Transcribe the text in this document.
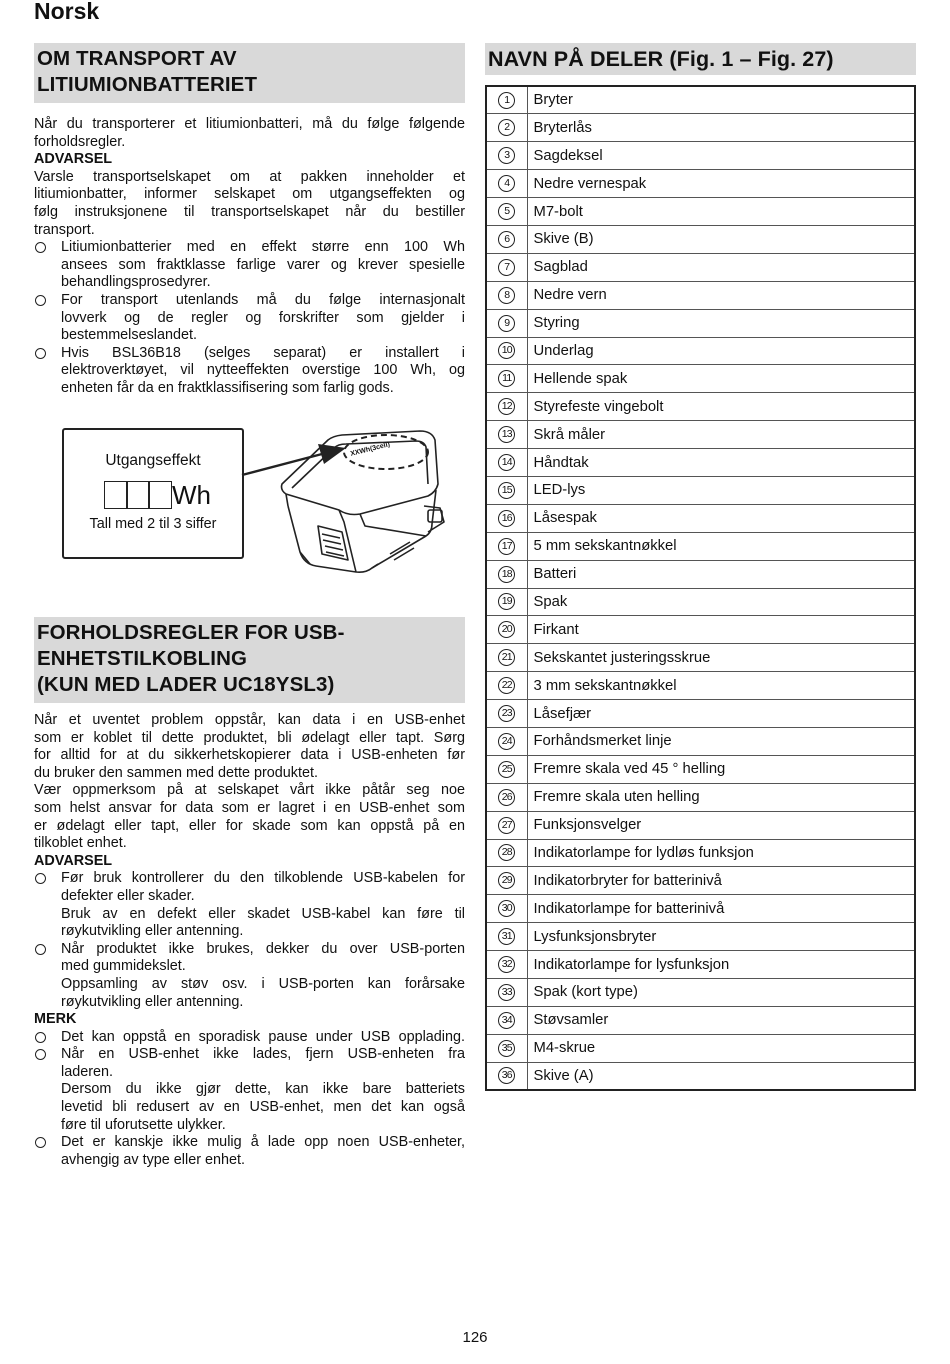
Norsk
OM TRANSPORT AV
LITIUMIONBATTERIET
Når du transporterer et litiumionbatteri, må du følge følgende
forholdsregler.
ADVARSEL
Varsle transportselskapet om at pakken inneholder et
litiumionbatter, informer selskapet om utgangseffekten og
følg instruksjonene til transportselskapet når du bestiller
transport.
Litiumionbatterier med en effekt større enn 100 Wh
ansees som fraktklasse farlige varer og krever spesielle
behandlingsprosedyrer.
For transport utenlands må du følge internasjonalt
lovverk og de regler og forskrifter som gjelder i
bestemmelseslandet.
Hvis BSL36B18 (selges separat) er installert i
elektroverktøyet, vil nytteeffekten overstige 100 Wh, og
enheten får da en fraktklassifisering som farlig gods.
Utgangseffekt
Wh
Tall med 2 til 3 siffer
XXWh(3cell)
FORHOLDSREGLER FOR USB-
ENHETSTILKOBLING
(KUN MED LADER UC18YSL3)
Når et uventet problem oppstår, kan data i en USB-enhet
som er koblet til dette produktet, bli ødelagt eller tapt. Sørg
for alltid for at du sikkerhetskopierer data i USB-enheten før
du bruker den sammen med dette produktet.
Vær oppmerksom på at selskapet vårt ikke påtår seg noe
som helst ansvar for data som er lagret i en USB-enhet som
er ødelagt eller tapt, eller for skade som kan oppstå på en
tilkoblet enhet.
ADVARSEL
Før bruk kontrollerer du den tilkoblende USB-kabelen for
defekter eller skader.
Bruk av en defekt eller skadet USB-kabel kan føre til
røykutvikling eller antenning.
Når produktet ikke brukes, dekker du over USB-porten
med gummidekslet.
Oppsamling av støv osv. i USB-porten kan forårsake
røykutvikling eller antenning.
MERK
Det kan oppstå en sporadisk pause under USB opplading.
Når en USB-enhet ikke lades, fjern USB-enheten fra
laderen.
Dersom du ikke gjør dette, kan ikke bare batteriets
levetid bli redusert av en USB-enhet, men det kan også
føre til uforutsette ulykker.
Det er kanskje ikke mulig å lade opp noen USB-enheter,
avhengig av type eller enhet.
NAVN PÅ DELER (Fig. 1 – Fig. 27)
1	Bryter
2	Bryterlås
3	Sagdeksel
4	Nedre vernespak
5	M7-bolt
6	Skive (B)
7	Sagblad
8	Nedre vern
9	Styring
10	Underlag
11	Hellende spak
12	Styrefeste vingebolt
13	Skrå måler
14	Håndtak
15	LED-lys
16	Låsespak
17	5 mm sekskantnøkkel
18	Batteri
19	Spak
20	Firkant
21	Sekskantet justeringsskrue
22	3 mm sekskantnøkkel
23	Låsefjær
24	Forhåndsmerket linje
25	Fremre skala ved 45 ° helling
26	Fremre skala uten helling
27	Funksjonsvelger
28	Indikatorlampe for lydløs funksjon
29	Indikatorbryter for batterinivå
30	Indikatorlampe for batterinivå
31	Lysfunksjonsbryter
32	Indikatorlampe for lysfunksjon
33	Spak (kort type)
34	Støvsamler
35	M4-skrue
36	Skive (A)
126
